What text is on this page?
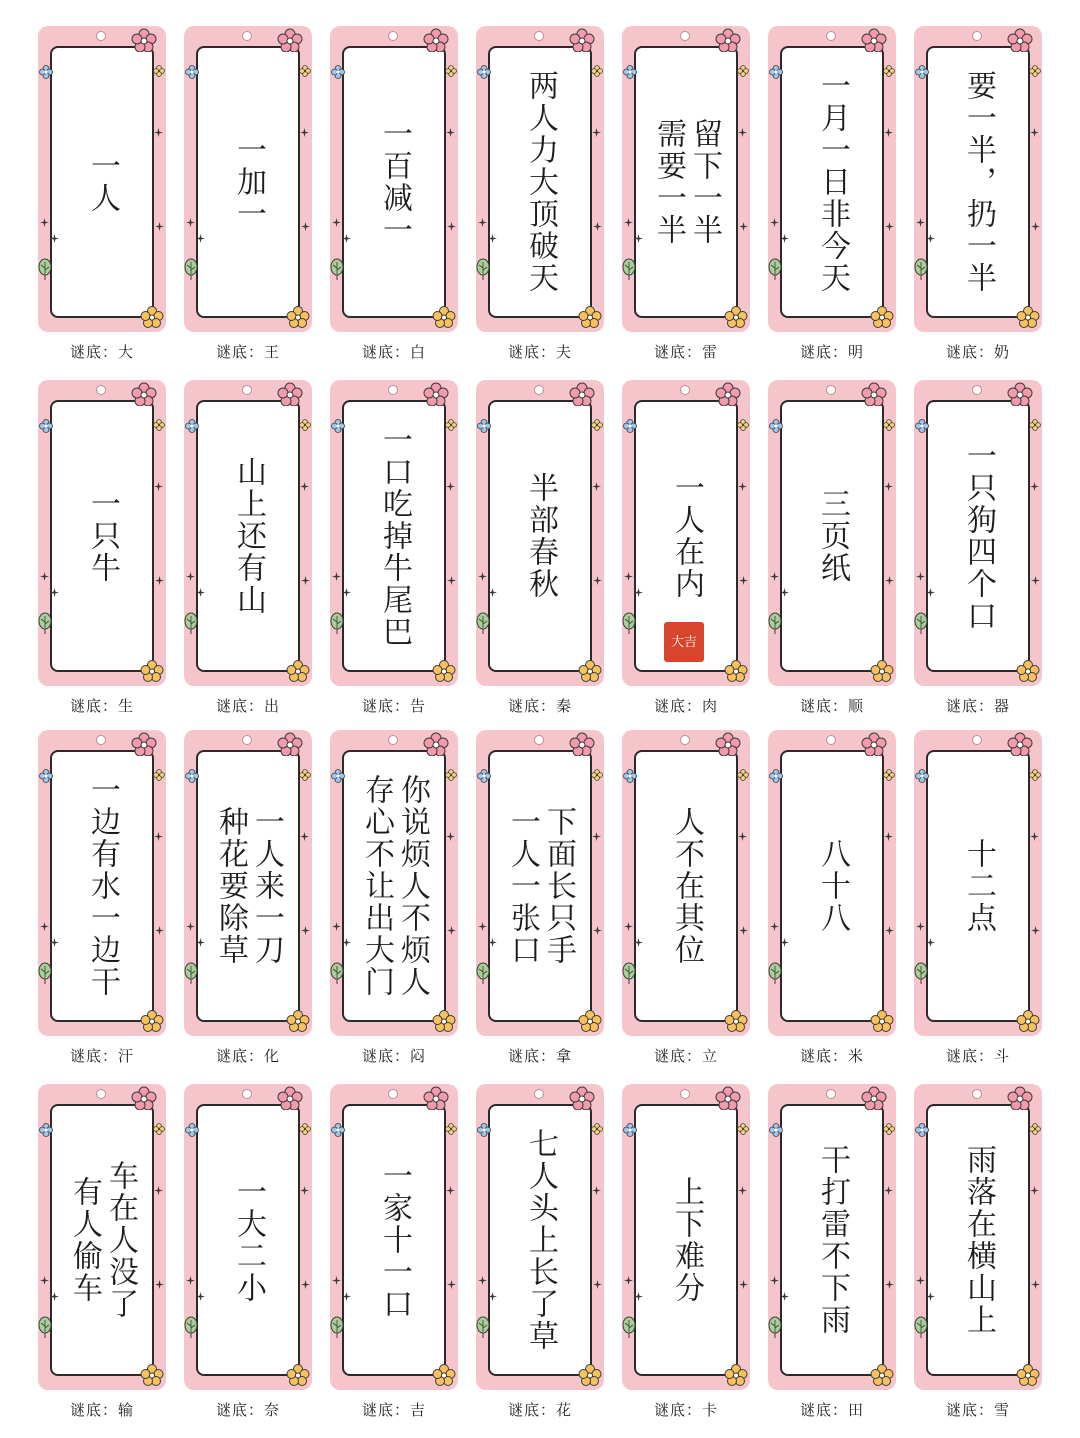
一人
谜底：大
一加一
谜底：王
一百减一
谜底：白
两人力大顶破天
谜底：夫
留下一半
需要一半
谜底：雷
一月一日非今天
谜底：明
要一半，扔一半
谜底：奶
一只牛
谜底：生
山上还有山
谜底：出
一口吃掉牛尾巴
谜底：告
半部春秋
谜底：秦
一人在内
大吉
谜底：肉
三页纸
谜底：顺
一只狗四个口
谜底：器
一边有水一边干
谜底：汗
一人来一刀
种花要除草
谜底：化
你说烦人不烦人
存心不让出大门
谜底：闷
下面长只手
一人一张口
谜底：拿
人不在其位
谜底：立
八十八
谜底：米
十二点
谜底：斗
车在人没了
有人偷车
谜底：输
一大二小
谜底：奈
一家十一口
谜底：吉
七人头上长了草
谜底：花
上下难分
谜底：卡
干打雷不下雨
谜底：田
雨落在横山上
谜底：雪
